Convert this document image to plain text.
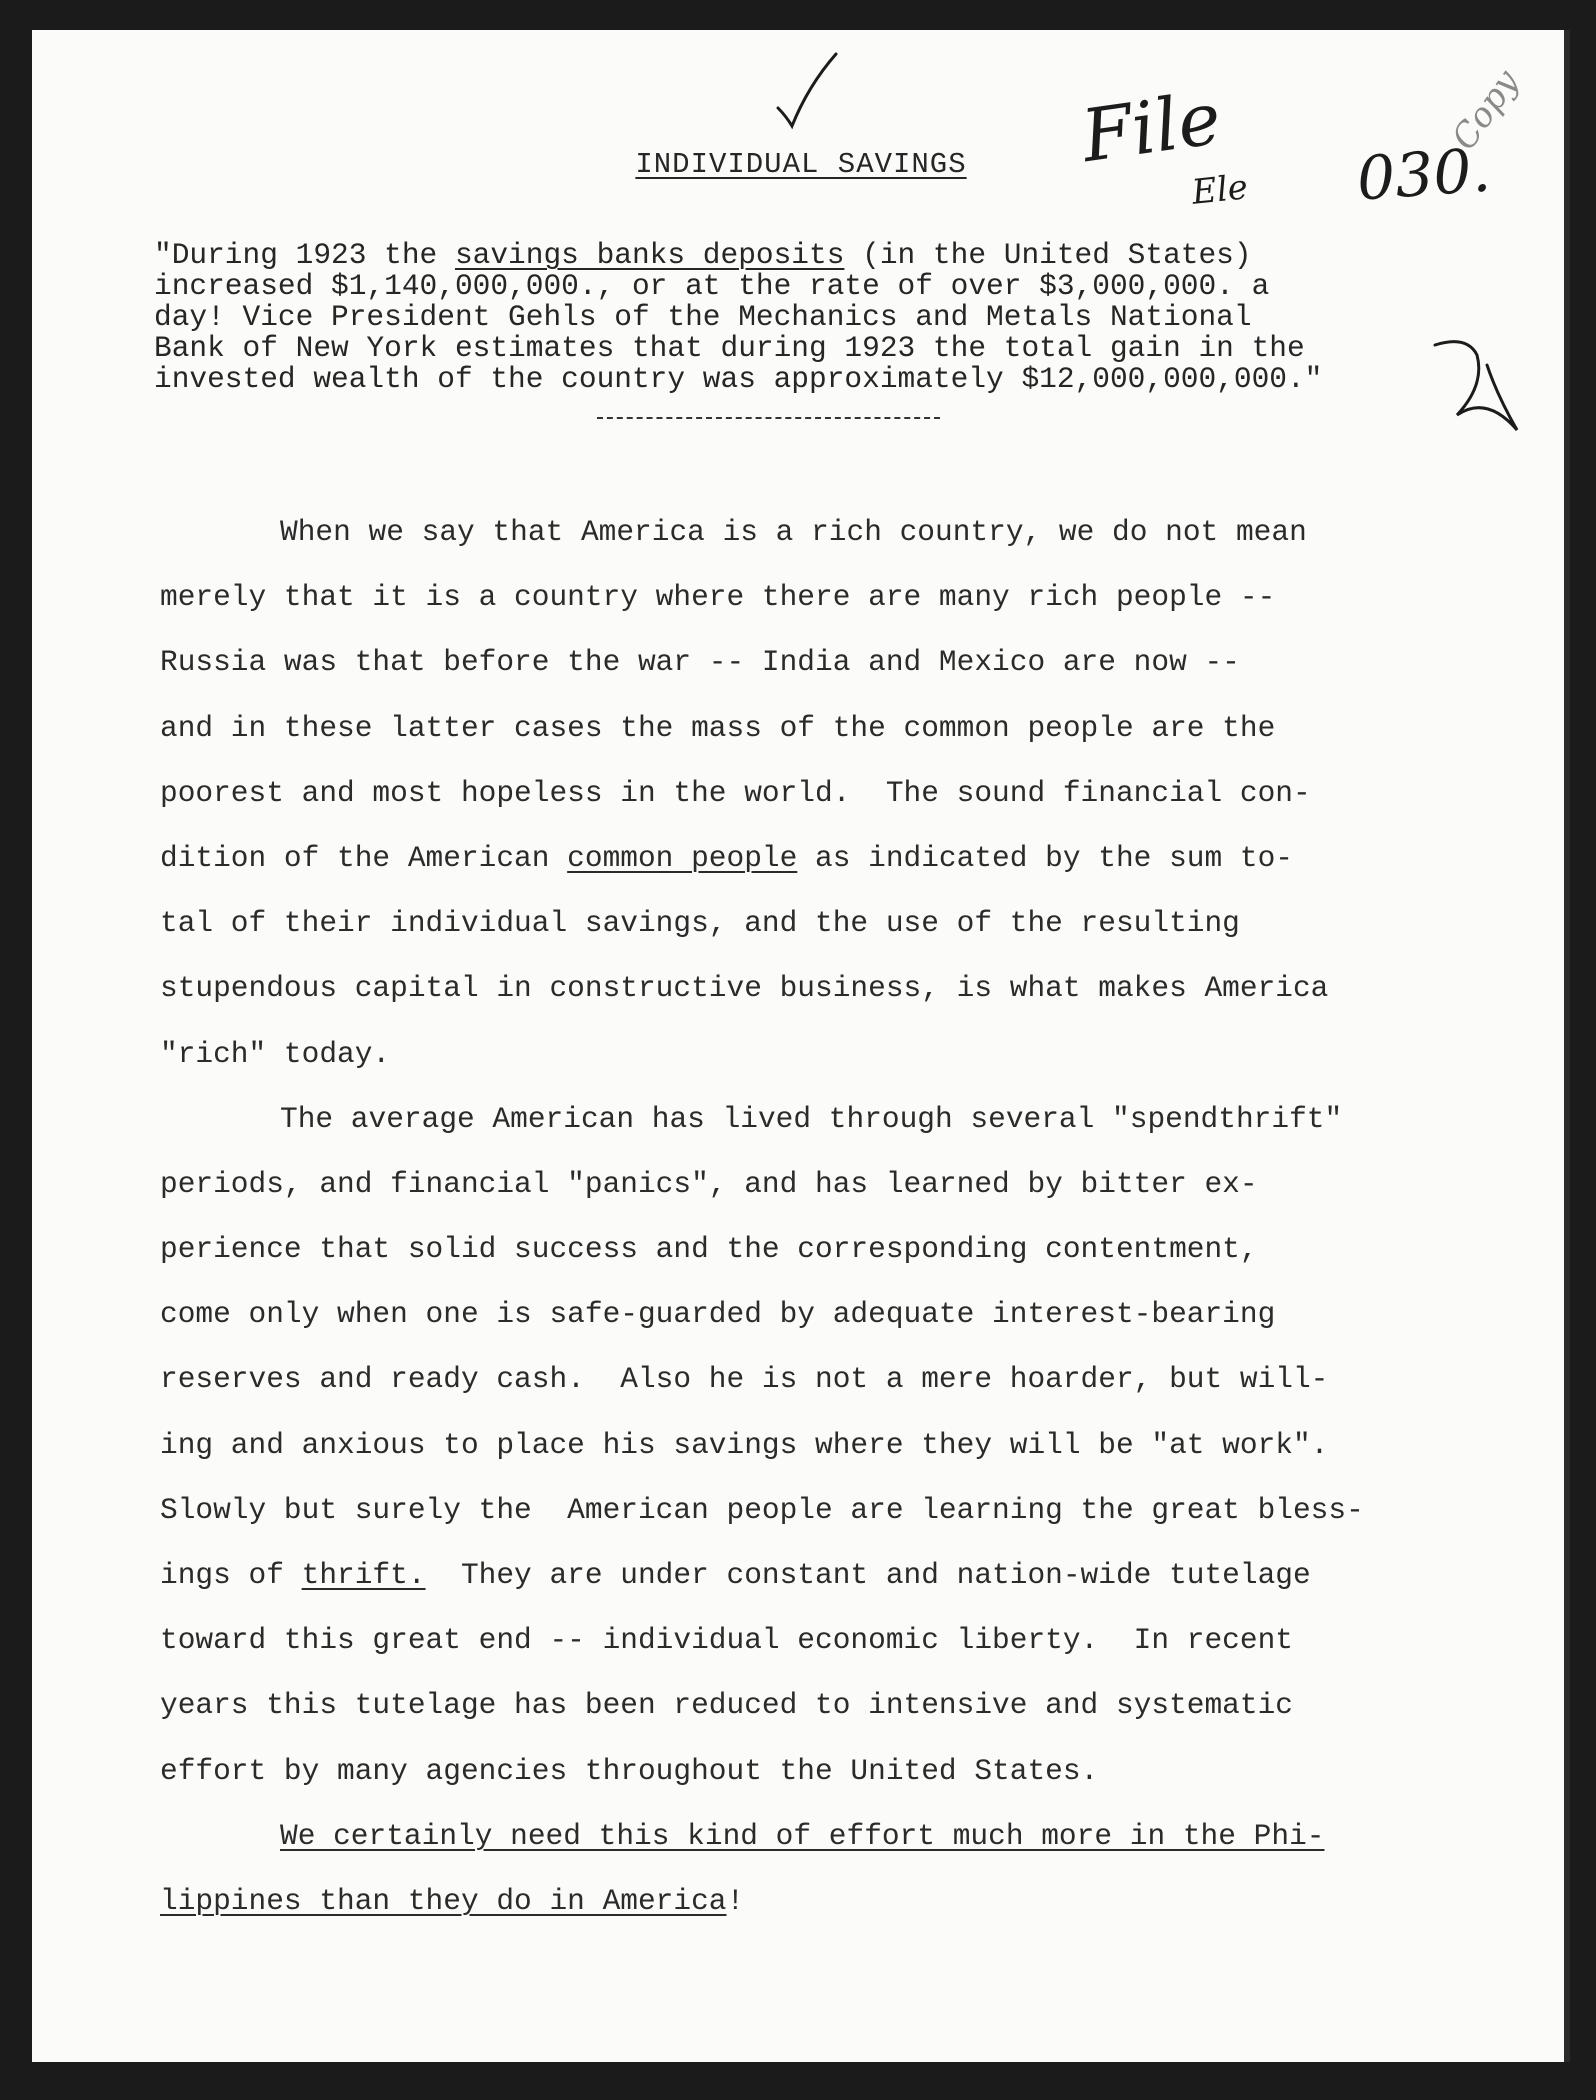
File
Ele 030.
Copy
INDIVIDUAL SAVINGS
"During 1923 the savings banks deposits (in the United States)
increased $1,140,000,000., or at the rate of over $3,000,000. a
day! Vice President Gehls of the Mechanics and Metals National
Bank of New York estimates that during 1923 the total gain in the
invested wealth of the country was approximately $12,000,000,000."
When we say that America is a rich country, we do not mean
merely that it is a country where there are many rich people --
Russia was that before the war -- India and Mexico are now --
and in these latter cases the mass of the common people are the
poorest and most hopeless in the world.  The sound financial con-
dition of the American common people as indicated by the sum to-
tal of their individual savings, and the use of the resulting
stupendous capital in constructive business, is what makes America
"rich" today.
The average American has lived through several "spendthrift"
periods, and financial "panics", and has learned by bitter ex-
perience that solid success and the corresponding contentment,
come only when one is safe-guarded by adequate interest-bearing
reserves and ready cash.  Also he is not a mere hoarder, but will-
ing and anxious to place his savings where they will be "at work".
Slowly but surely the  American people are learning the great bless-
ings of thrift.  They are under constant and nation-wide tutelage
toward this great end -- individual economic liberty.  In recent
years this tutelage has been reduced to intensive and systematic
effort by many agencies throughout the United States.
We certainly need this kind of effort much more in the Phi-
lippines than they do in America!
